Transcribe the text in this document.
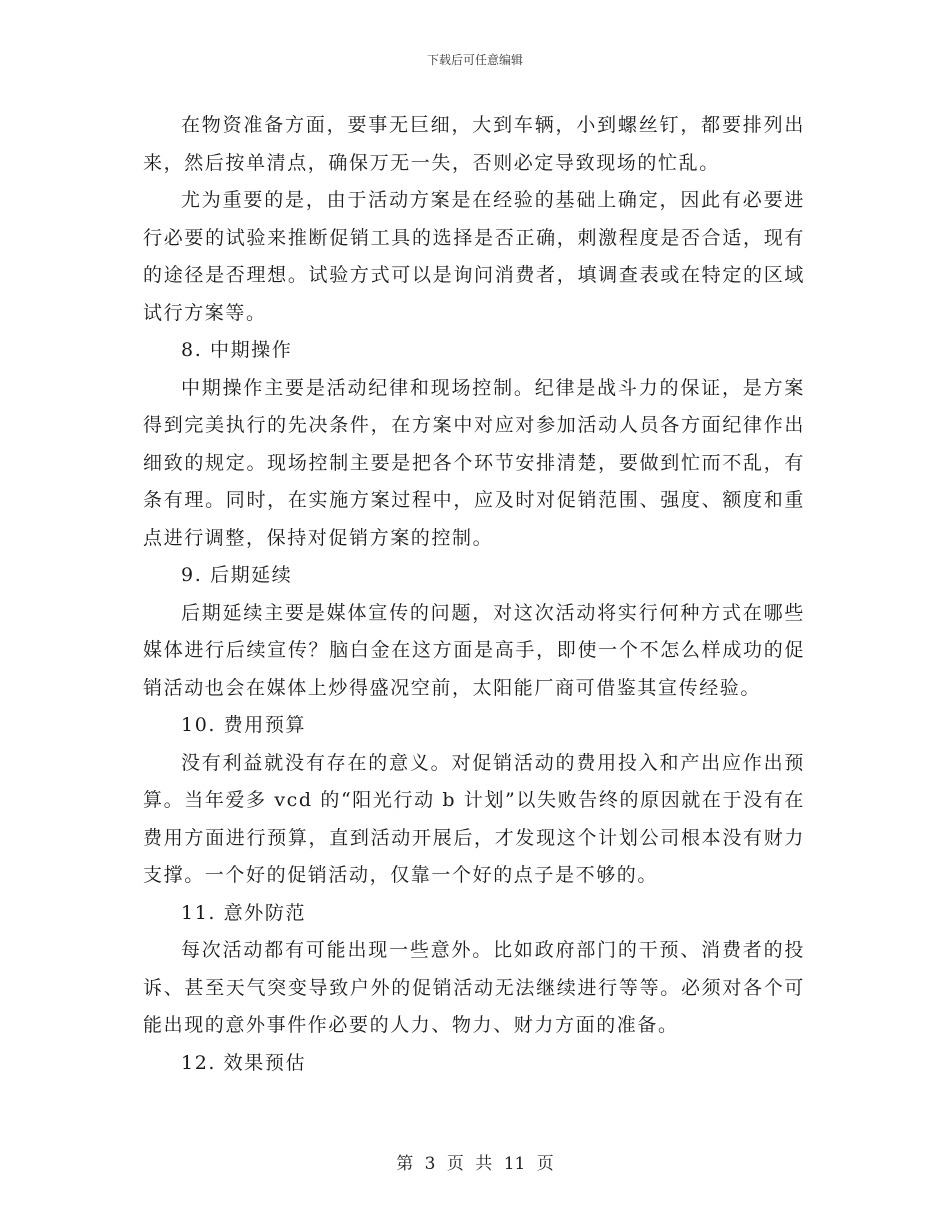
下载后可任意编辑

在物资准备方面，要事无巨细，大到车辆，小到螺丝钉，都要排列出来，然后按单清点，确保万无一失，否则必定导致现场的忙乱。

尤为重要的是，由于活动方案是在经验的基础上确定，因此有必要进行必要的试验来推断促销工具的选择是否正确，刺激程度是否合适，现有的途径是否理想。试验方式可以是询问消费者，填调查表或在特定的区域试行方案等。

8. 中期操作

中期操作主要是活动纪律和现场控制。纪律是战斗力的保证，是方案得到完美执行的先决条件，在方案中对应对参加活动人员各方面纪律作出细致的规定。现场控制主要是把各个环节安排清楚，要做到忙而不乱，有条有理。同时，在实施方案过程中，应及时对促销范围、强度、额度和重点进行调整，保持对促销方案的控制。

9. 后期延续

后期延续主要是媒体宣传的问题，对这次活动将实行何种方式在哪些媒体进行后续宣传？脑白金在这方面是高手，即使一个不怎么样成功的促销活动也会在媒体上炒得盛况空前，太阳能厂商可借鉴其宣传经验。

10. 费用预算

没有利益就没有存在的意义。对促销活动的费用投入和产出应作出预算。当年爱多 vcd 的“阳光行动 b 计划”以失败告终的原因就在于没有在费用方面进行预算，直到活动开展后，才发现这个计划公司根本没有财力支撑。一个好的促销活动，仅靠一个好的点子是不够的。

11. 意外防范

每次活动都有可能出现一些意外。比如政府部门的干预、消费者的投诉、甚至天气突变导致户外的促销活动无法继续进行等等。必须对各个可能出现的意外事件作必要的人力、物力、财力方面的准备。

12. 效果预估

第 3 页 共 11 页
